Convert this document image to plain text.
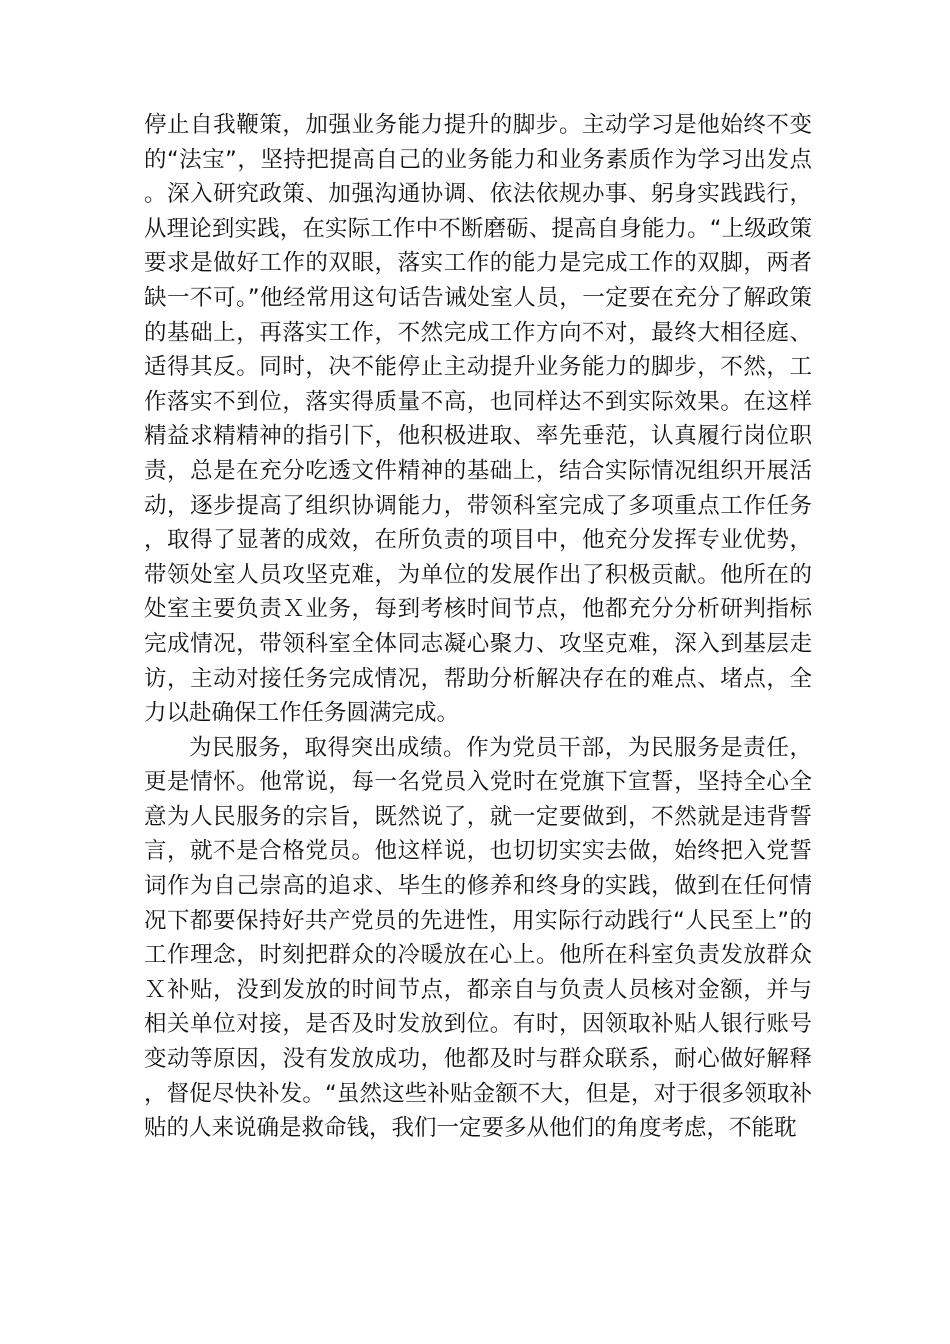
停止自我鞭策，加强业务能力提升的脚步。主动学习是他始终不变的“法宝”，坚持把提高自己的业务能力和业务素质作为学习出发点。深入研究政策、加强沟通协调、依法依规办事、躬身实践践行，从理论到实践，在实际工作中不断磨砺、提高自身能力。“上级政策要求是做好工作的双眼，落实工作的能力是完成工作的双脚，两者缺一不可。”他经常用这句话告诫处室人员，一定要在充分了解政策的基础上，再落实工作，不然完成工作方向不对，最终大相径庭、适得其反。同时，决不能停止主动提升业务能力的脚步，不然，工作落实不到位，落实得质量不高，也同样达不到实际效果。在这样精益求精精神的指引下，他积极进取、率先垂范，认真履行岗位职责，总是在充分吃透文件精神的基础上，结合实际情况组织开展活动，逐步提高了组织协调能力，带领科室完成了多项重点工作任务，取得了显著的成效，在所负责的项目中，他充分发挥专业优势，带领处室人员攻坚克难，为单位的发展作出了积极贡献。他所在的处室主要负责Ｘ业务，每到考核时间节点，他都充分分析研判指标完成情况，带领科室全体同志凝心聚力、攻坚克难，深入到基层走访，主动对接任务完成情况，帮助分析解决存在的难点、堵点，全力以赴确保工作任务圆满完成。

为民服务，取得突出成绩。作为党员干部，为民服务是责任，更是情怀。他常说，每一名党员入党时在党旗下宣誓，坚持全心全意为人民服务的宗旨，既然说了，就一定要做到，不然就是违背誓言，就不是合格党员。他这样说，也切切实实去做，始终把入党誓词作为自己崇高的追求、毕生的修养和终身的实践，做到在任何情况下都要保持好共产党员的先进性，用实际行动践行“人民至上”的工作理念，时刻把群众的冷暖放在心上。他所在科室负责发放群众Ｘ补贴，没到发放的时间节点，都亲自与负责人员核对金额，并与相关单位对接，是否及时发放到位。有时，因领取补贴人银行账号变动等原因，没有发放成功，他都及时与群众联系，耐心做好解释，督促尽快补发。“虽然这些补贴金额不大，但是，对于很多领取补贴的人来说确是救命钱，我们一定要多从他们的角度考虑，不能耽
